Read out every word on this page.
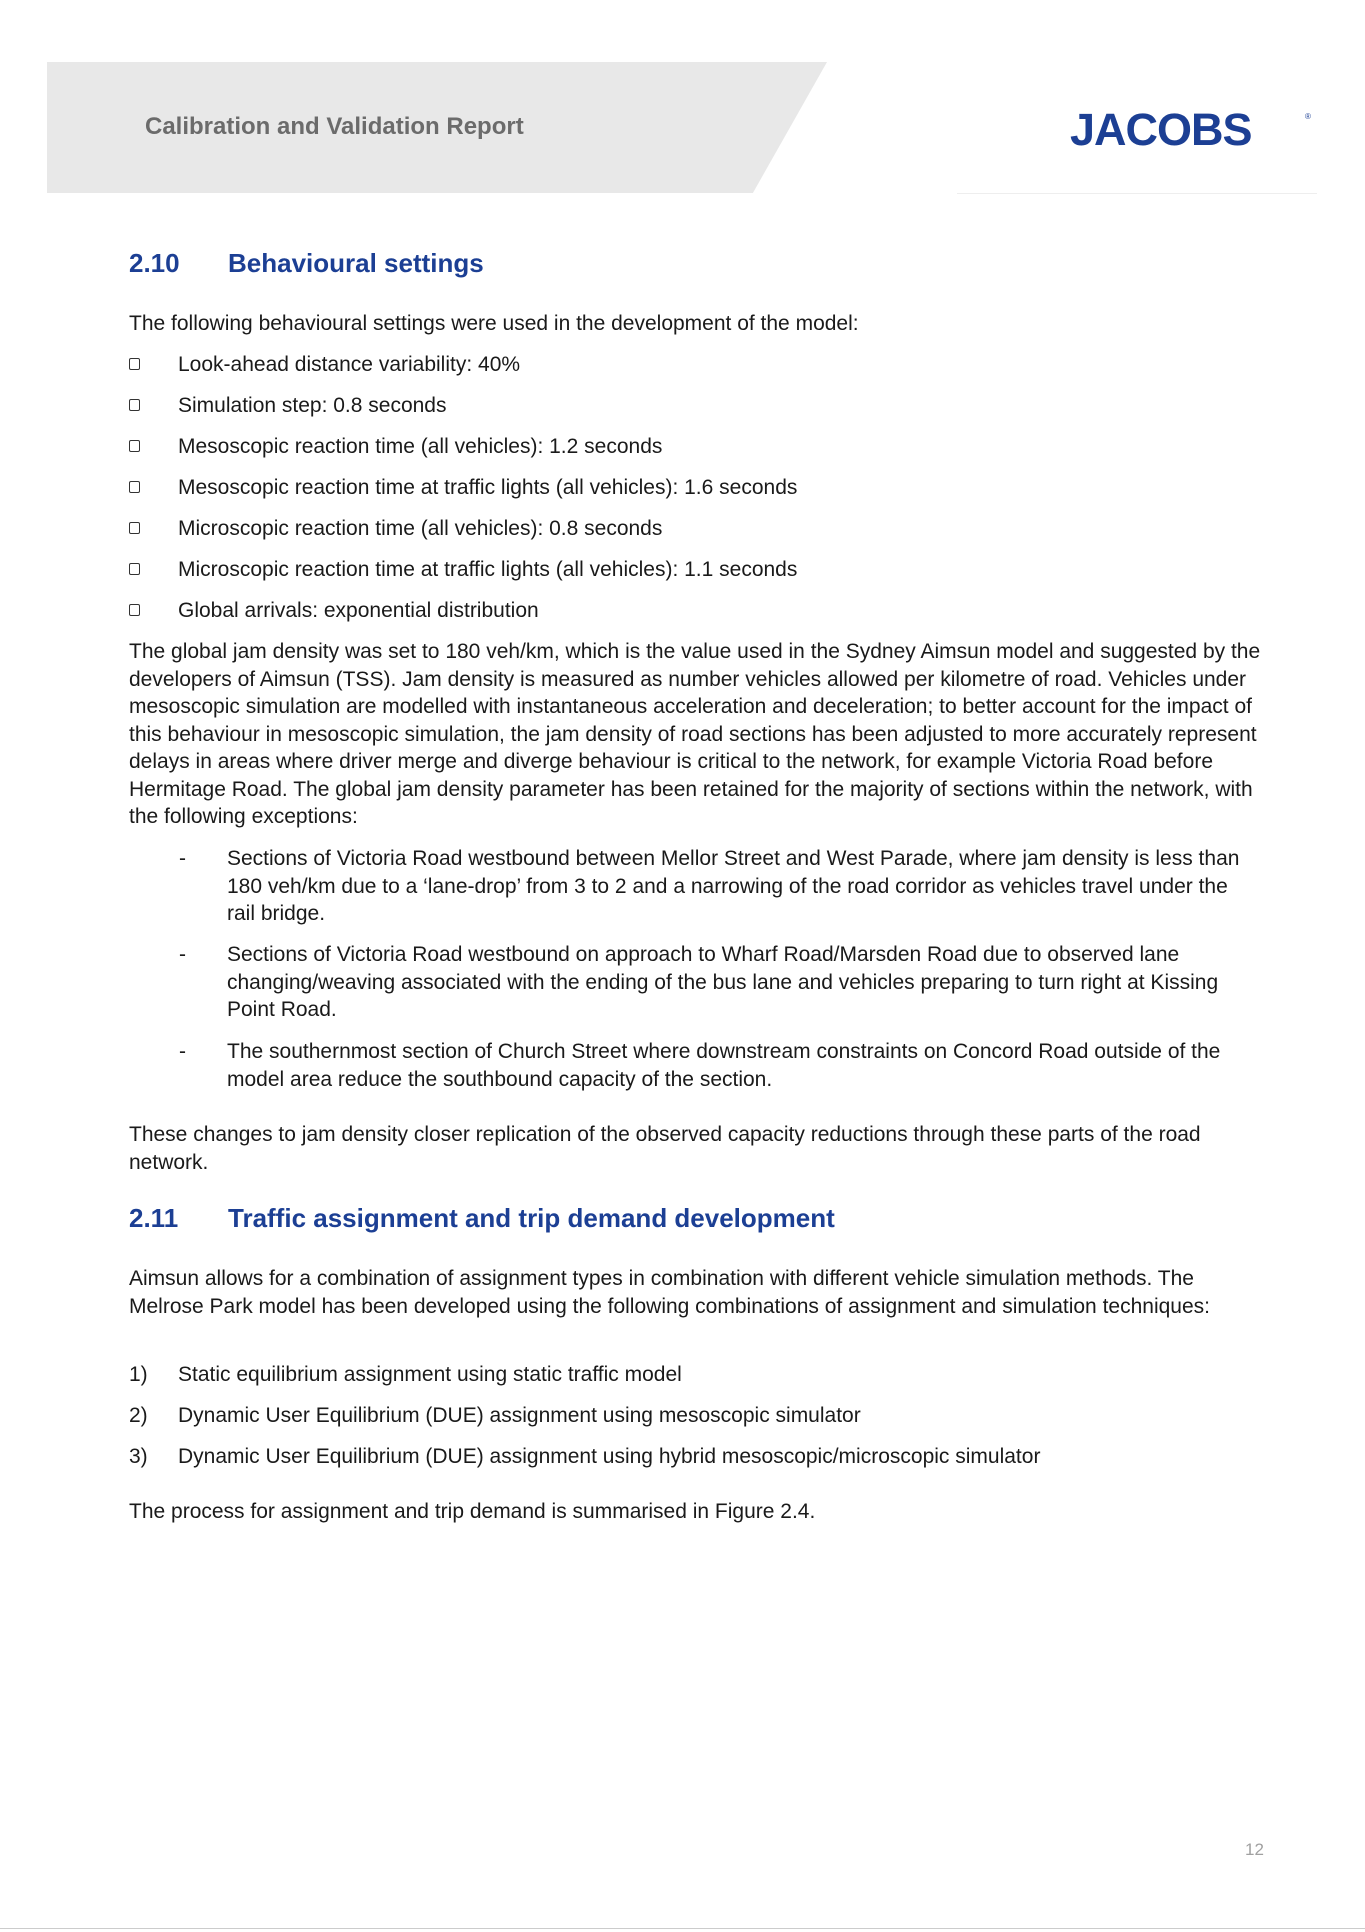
Calibration and Validation Report	JACOBS	®
2.10 Behavioural settings

The following behavioural settings were used in the development of the model:

Look-ahead distance variability: 40%
Simulation step: 0.8 seconds
Mesoscopic reaction time (all vehicles): 1.2 seconds
Mesoscopic reaction time at traffic lights (all vehicles): 1.6 seconds
Microscopic reaction time (all vehicles): 0.8 seconds
Microscopic reaction time at traffic lights (all vehicles): 1.1 seconds
Global arrivals: exponential distribution

The global jam density was set to 180 veh/km, which is the value used in the Sydney Aimsun model and suggested by the developers of Aimsun (TSS). Jam density is measured as number vehicles allowed per kilometre of road. Vehicles under mesoscopic simulation are modelled with instantaneous acceleration and deceleration; to better account for the impact of this behaviour in mesoscopic simulation, the jam density of road sections has been adjusted to more accurately represent delays in areas where driver merge and diverge behaviour is critical to the network, for example Victoria Road before Hermitage Road. The global jam density parameter has been retained for the majority of sections within the network, with the following exceptions:

- Sections of Victoria Road westbound between Mellor Street and West Parade, where jam density is less than 180 veh/km due to a ‘lane-drop’ from 3 to 2 and a narrowing of the road corridor as vehicles travel under the rail bridge.
- Sections of Victoria Road westbound on approach to Wharf Road/Marsden Road due to observed lane changing/weaving associated with the ending of the bus lane and vehicles preparing to turn right at Kissing Point Road.
- The southernmost section of Church Street where downstream constraints on Concord Road outside of the model area reduce the southbound capacity of the section.

These changes to jam density closer replication of the observed capacity reductions through these parts of the road network.

2.11 Traffic assignment and trip demand development

Aimsun allows for a combination of assignment types in combination with different vehicle simulation methods. The Melrose Park model has been developed using the following combinations of assignment and simulation techniques:

1) Static equilibrium assignment using static traffic model
2) Dynamic User Equilibrium (DUE) assignment using mesoscopic simulator
3) Dynamic User Equilibrium (DUE) assignment using hybrid mesoscopic/microscopic simulator

The process for assignment and trip demand is summarised in Figure 2.4.

12
